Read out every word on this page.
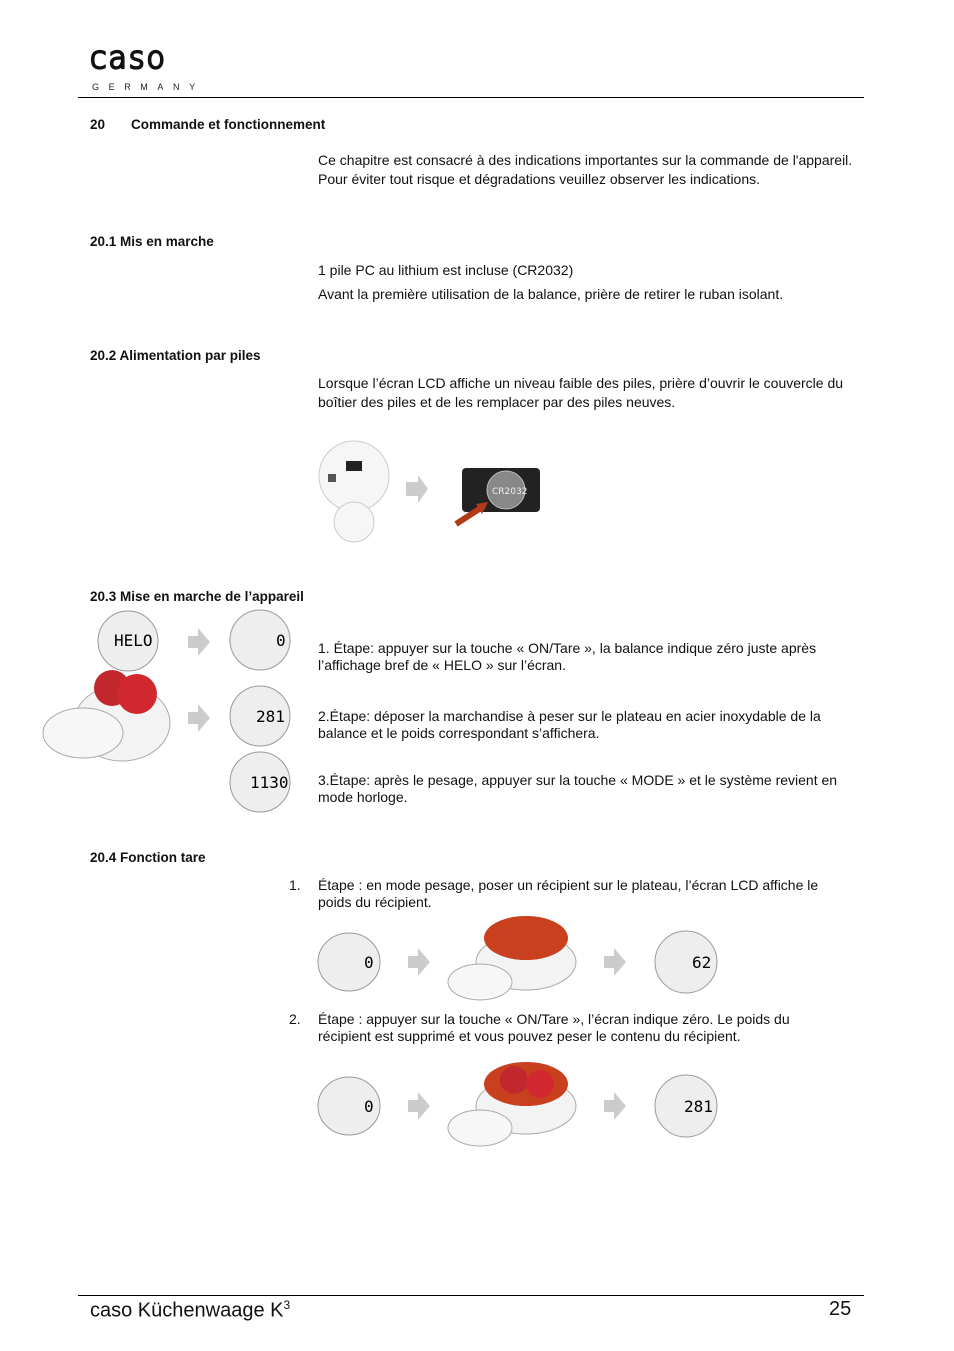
caso
GERMANY
20 Commande et fonctionnement
Ce chapitre est consacré à des indications importantes sur la commande de l'appareil. Pour éviter tout risque et dégradations veuillez observer les indications.
20.1 Mis en marche
1 pile PC au lithium est incluse (CR2032)
Avant la première utilisation de la balance, prière de retirer le ruban isolant.
20.2 Alimentation par piles
Lorsque l’écran LCD affiche un niveau faible des piles, prière d’ouvrir le couvercle du boîtier des piles et de les remplacer par des piles neuves.
CR2032
20.3 Mise en marche de l’appareil
HELO	0
281
1130
1. Étape: appuyer sur la touche « ON/Tare », la balance indique zéro juste après l’affichage bref de « HELO » sur l’écran.
2.Étape: déposer la marchandise à peser sur le plateau en acier inoxydable de la balance et le poids correspondant s’affichera.
3.Étape: après le pesage, appuyer sur la touche « MODE » et le système revient en mode horloge.
20.4 Fonction tare
1. Étape : en mode pesage, poser un récipient sur le plateau, l’écran LCD affiche le poids du récipient.
0	62
2. Étape : appuyer sur la touche « ON/Tare », l’écran indique zéro. Le poids du récipient est supprimé et vous pouvez peser le contenu du récipient.
0	281
caso Küchenwaage $K^3$	25
